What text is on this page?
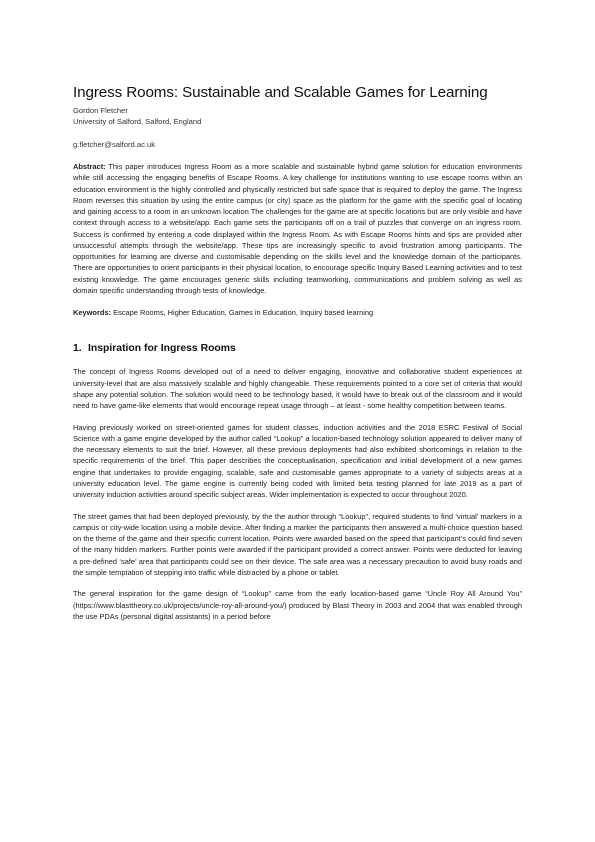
Ingress Rooms: Sustainable and Scalable Games for Learning
Gordon Fletcher
University of Salford, Salford, England
g.fletcher@salford.ac.uk
Abstract: This paper introduces Ingress Room as a more scalable and sustainable hybrid game solution for education environments while still accessing the engaging benefits of Escape Rooms. A key challenge for institutions wanting to use escape rooms within an education environment is the highly controlled and physically restricted but safe space that is required to deploy the game. The Ingress Room reverses this situation by using the entire campus (or city) space as the platform for the game with the specific goal of locating and gaining access to a room in an unknown location The challenges for the game are at specific locations but are only visible and have context through access to a website/app. Each game sets the participants off on a trail of puzzles that converge on an ingress room. Success is confirmed by entering a code displayed within the Ingress Room. As with Escape Rooms hints and tips are provided after unsuccessful attempts through the website/app. These tips are increasingly specific to avoid frustration among participants. The opportunities for learning are diverse and customisable depending on the skills level and the knowledge domain of the participants. There are opportunities to orient participants in their physical location, to encourage specific Inquiry Based Learning activities and to test existing knowledge. The game encourages generic skills including teamworking, communications and problem solving as well as domain specific understanding through tests of knowledge.
Keywords: Escape Rooms, Higher Education, Games in Education, Inquiry based learning
1. Inspiration for Ingress Rooms

The concept of Ingress Rooms developed out of a need to deliver engaging, innovative and collaborative student experiences at university-level that are also massively scalable and highly changeable. These requirements pointed to a core set of criteria that would shape any potential solution. The solution would need to be technology based, it would have to break out of the classroom and it would need to have game-like elements that would encourage repeat usage through – at least - some healthy competition between teams.

Having previously worked on street-oriented games for student classes, induction activities and the 2018 ESRC Festival of Social Science with a game engine developed by the author called “Lookup” a location-based technology solution appeared to deliver many of the necessary elements to suit the brief. However, all these previous deployments had also exhibited shortcomings in relation to the specific requirements of the brief. This paper describes the conceptualisation, specification and initial development of a new games engine that undertakes to provide engaging, scalable, safe and customisable games appropriate to a variety of subjects areas at a university education level. The game engine is currently being coded with limited beta testing planned for late 2019 as a part of university induction activities around specific subject areas. Wider implementation is expected to occur throughout 2020.

The street games that had been deployed previously, by the the author through “Lookup”, required students to find ‘virtual’ markers in a campus or city-wide location using a mobile device. After finding a marker the participants then answered a multi-choice question based on the theme of the game and their specific current location. Points were awarded based on the speed that participant’s could find seven of the many hidden markers. Further points were awarded if the participant provided a correct answer. Points were deducted for leaving a pre-defined ‘safe’ area that participants could see on their device. The safe area was a necessary precaution to avoid busy roads and the simple temptation of stepping into traffic while distracted by a phone or tablet.

The general inspiration for the game design of “Lookup” came from the early location-based game “Uncle Roy All Around You” (https://www.blasttheory.co.uk/projects/uncle-roy-all-around-you/) produced by Blast Theory in 2003 and 2004 that was enabled through the use PDAs (personal digital assistants) in a period before
